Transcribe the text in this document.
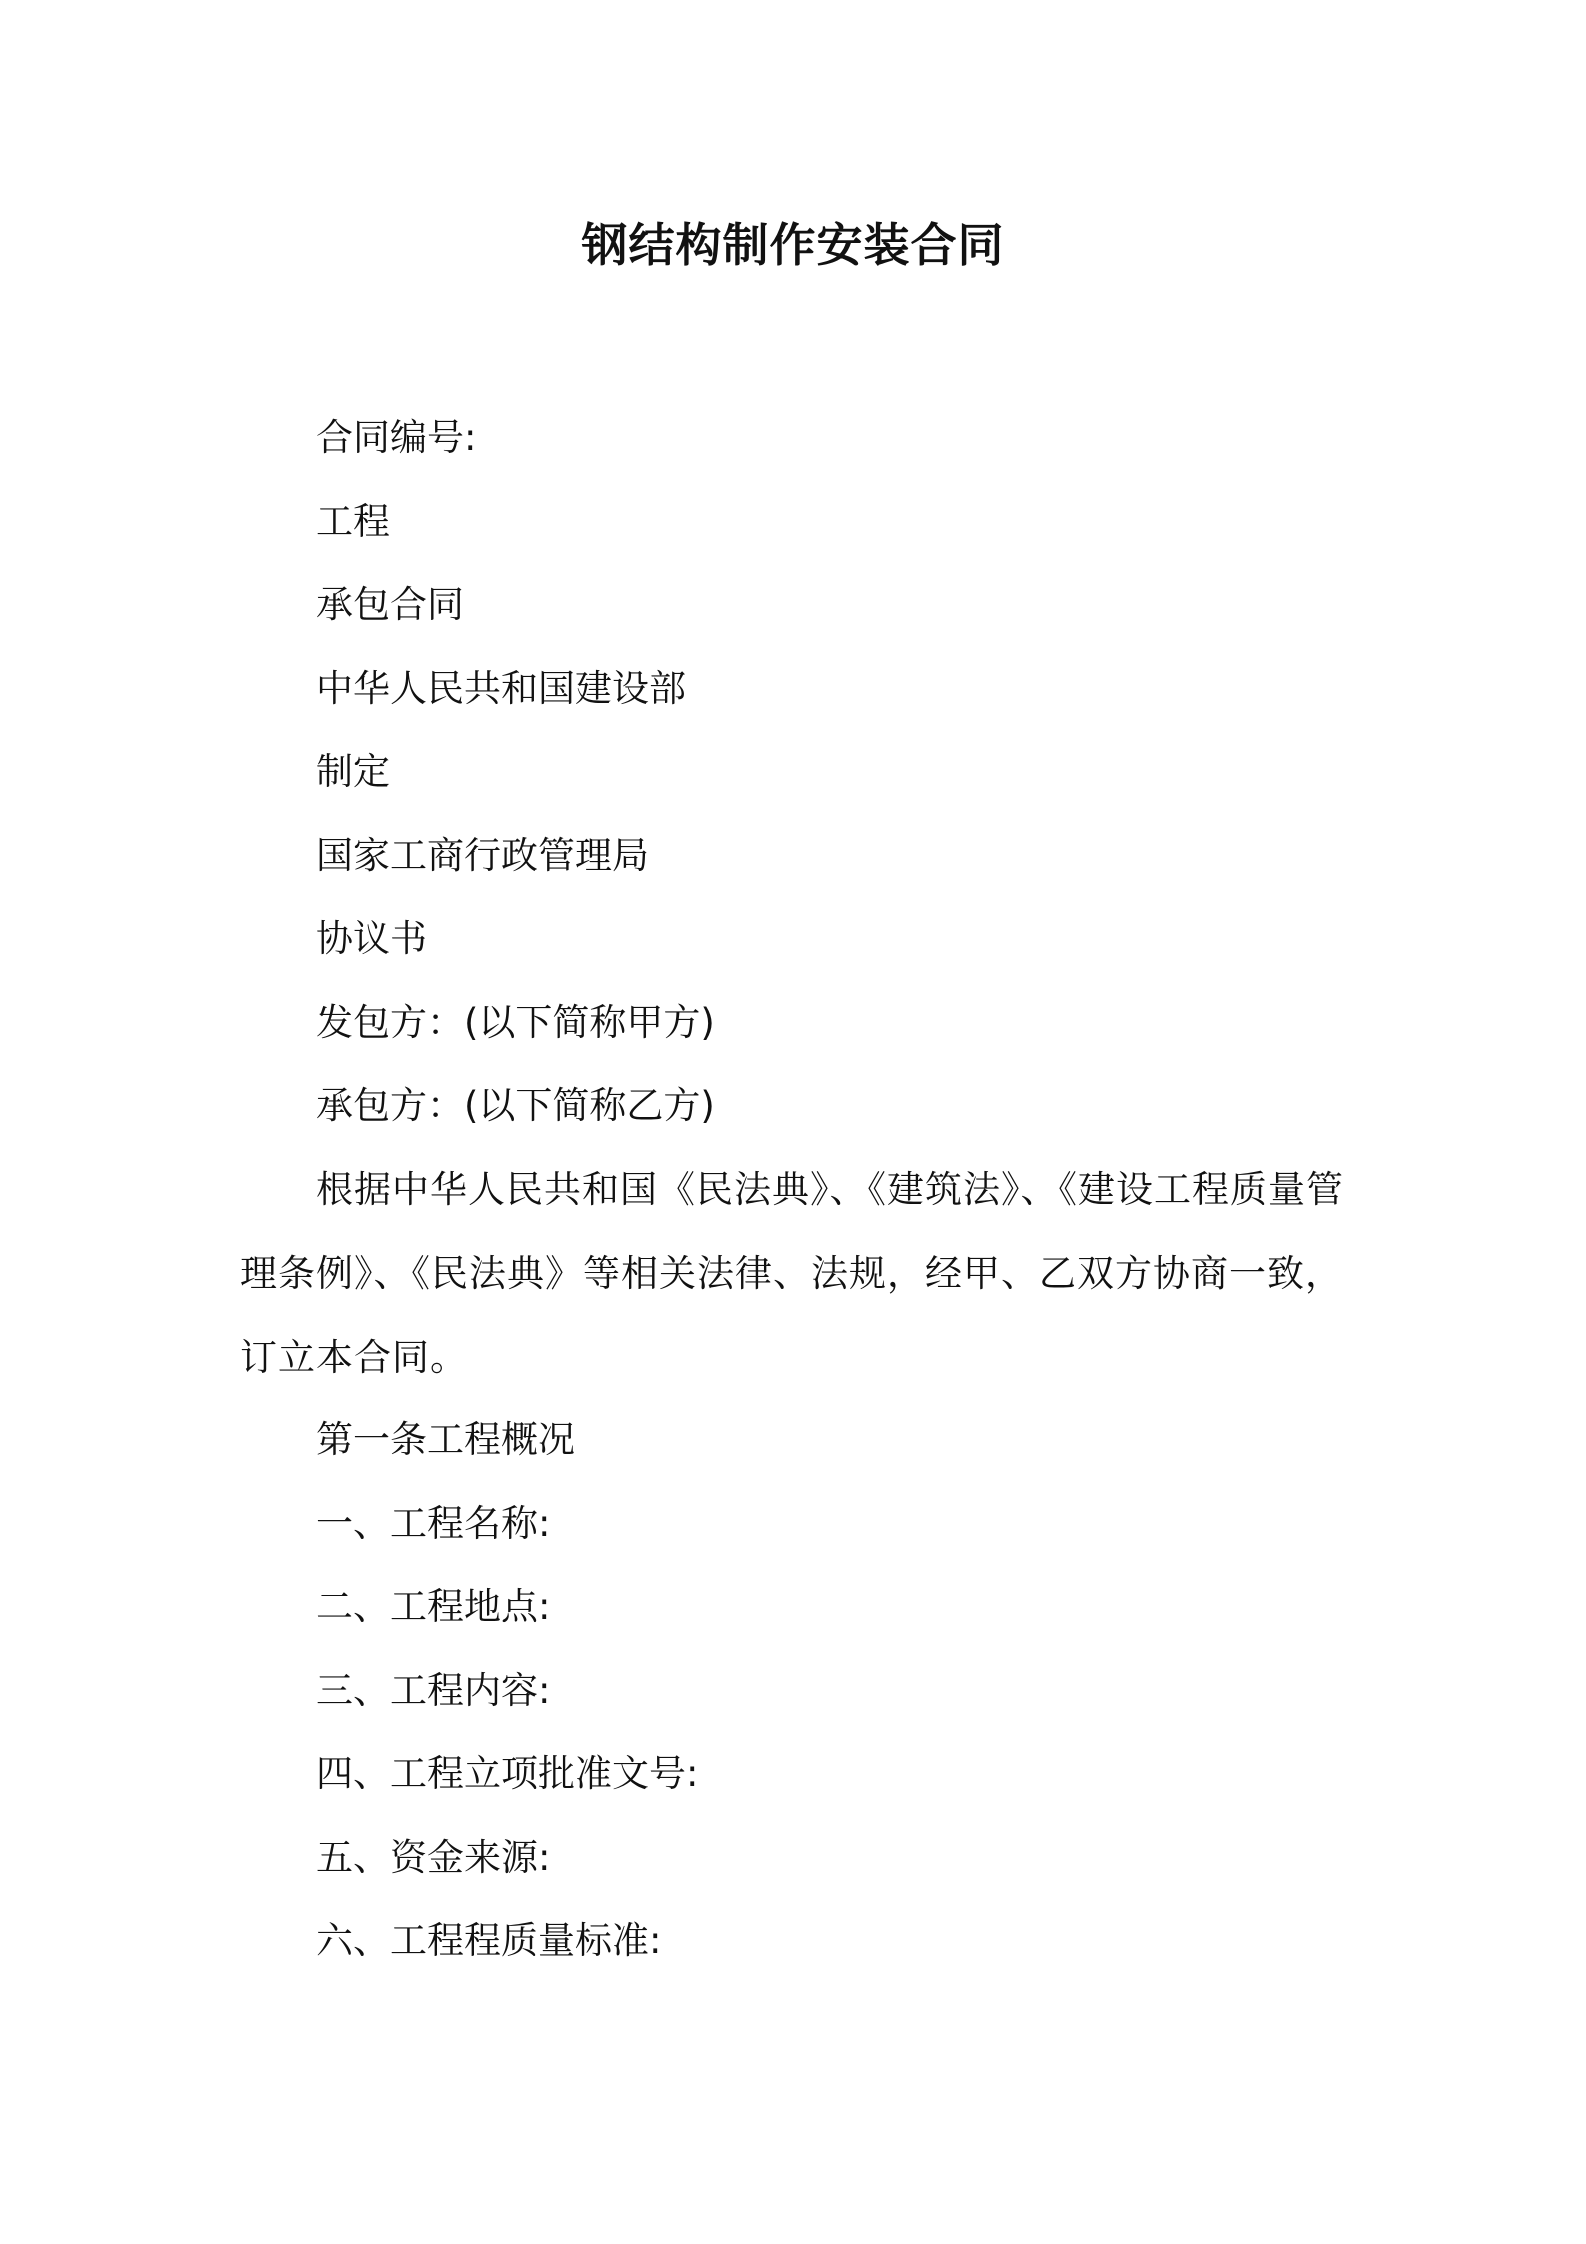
钢结构制作安装合同
合同编号:
工程
承包合同
中华人民共和国建设部
制定
国家工商行政管理局
协议书
发包方：(以下简称甲方)
承包方：(以下简称乙方)
根据中华人民共和国《民法典》、《建筑法》、《建设工程质量管理条例》、《民法典》等相关法律、法规，经甲、乙双方协商一致，订立本合同。
第一条工程概况
一、工程名称:
二、工程地点:
三、工程内容:
四、工程立项批准文号:
五、资金来源:
六、工程程质量标准:
